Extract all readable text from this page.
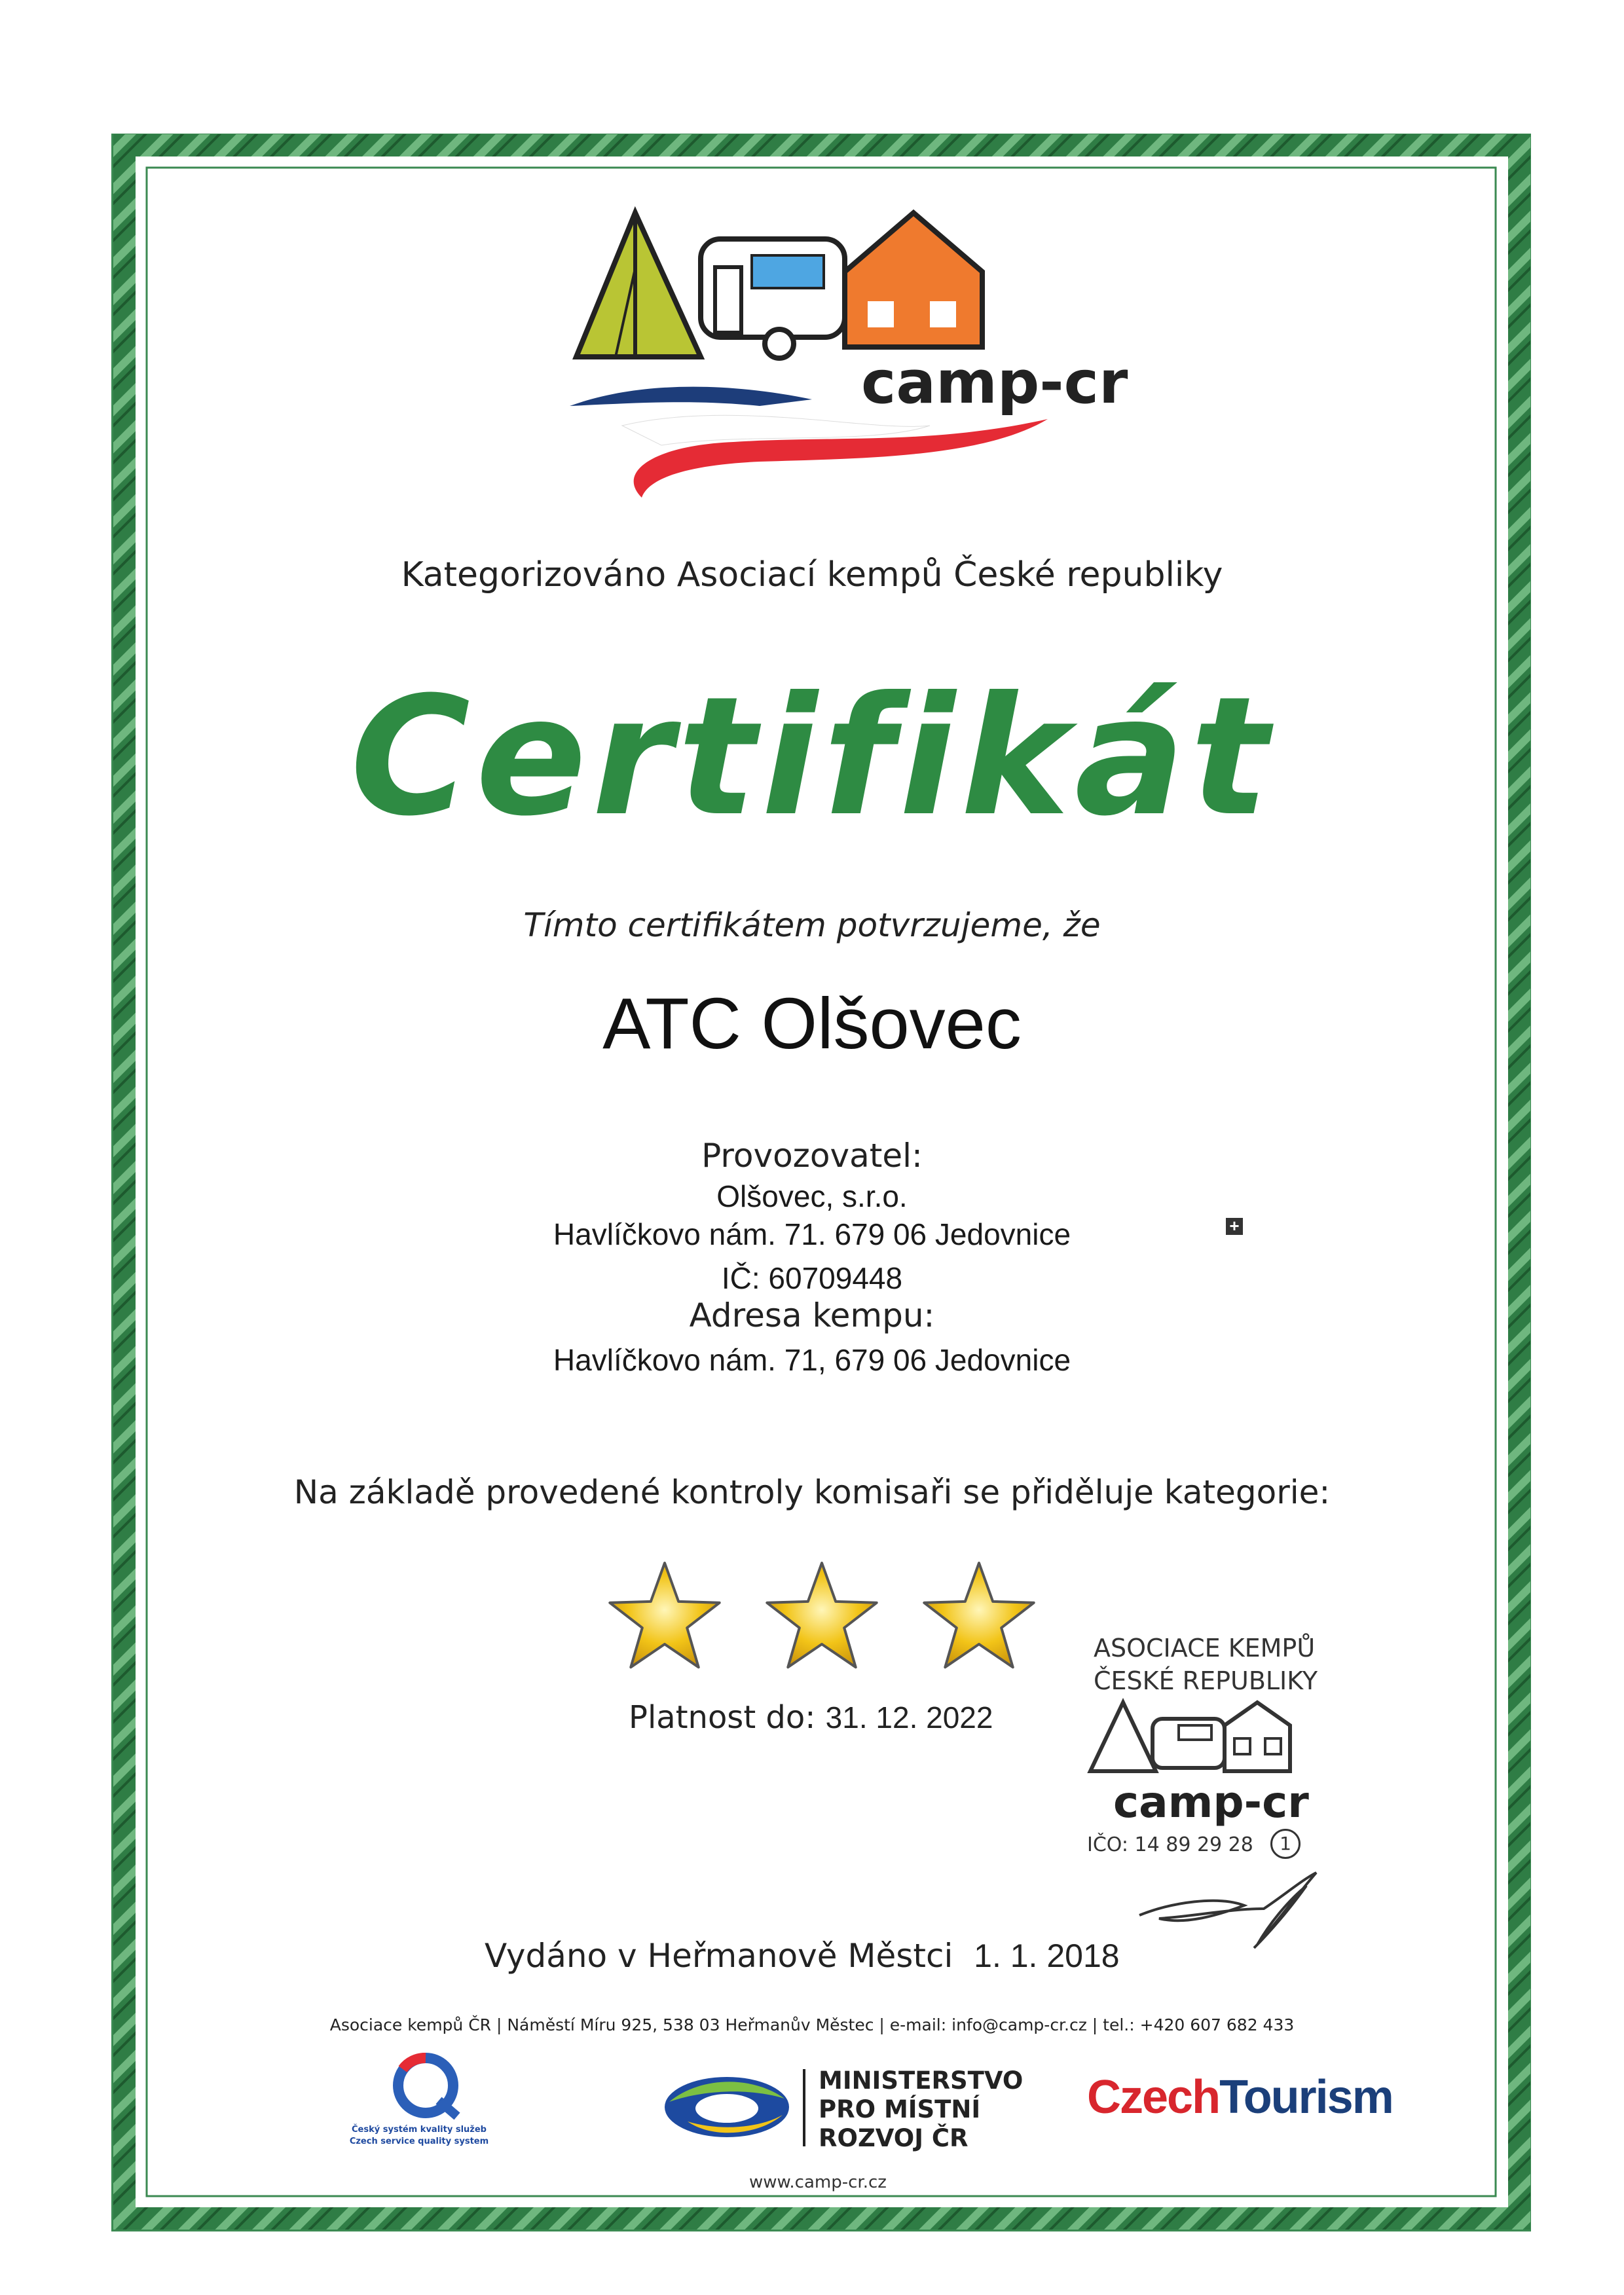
camp-cr
Kategorizováno Asociací kempů České republiky
Certifikát
Tímto certifikátem potvrzujeme, že
ATC Olšovec
Provozovatel:
Olšovec, s.r.o.
Havlíčkovo nám. 71. 679 06 Jedovnice	+
IČ: 60709448
Adresa kempu:
Havlíčkovo nám. 71, 679 06 Jedovnice
Na základě provedené kontroly komisaři se přiděluje kategorie:
Platnost do: 31. 12. 2022
ASOCIACE KEMPŮ
ČESKÉ REPUBLIKY
camp-cr
IČO: 14 89 29 28	1
Vydáno v Heřmanově Městci 1. 1. 2018
Asociace kempů ČR | Náměstí Míru 925, 538 03 Heřmanův Městec | e-mail: info@camp-cr.cz | tel.: +420 607 682 433
Český systém kvality služeb
Czech service quality system
MINISTERSTVO
PRO MÍSTNÍ
ROZVOJ ČR
CzechTourism
www.camp-cr.cz
